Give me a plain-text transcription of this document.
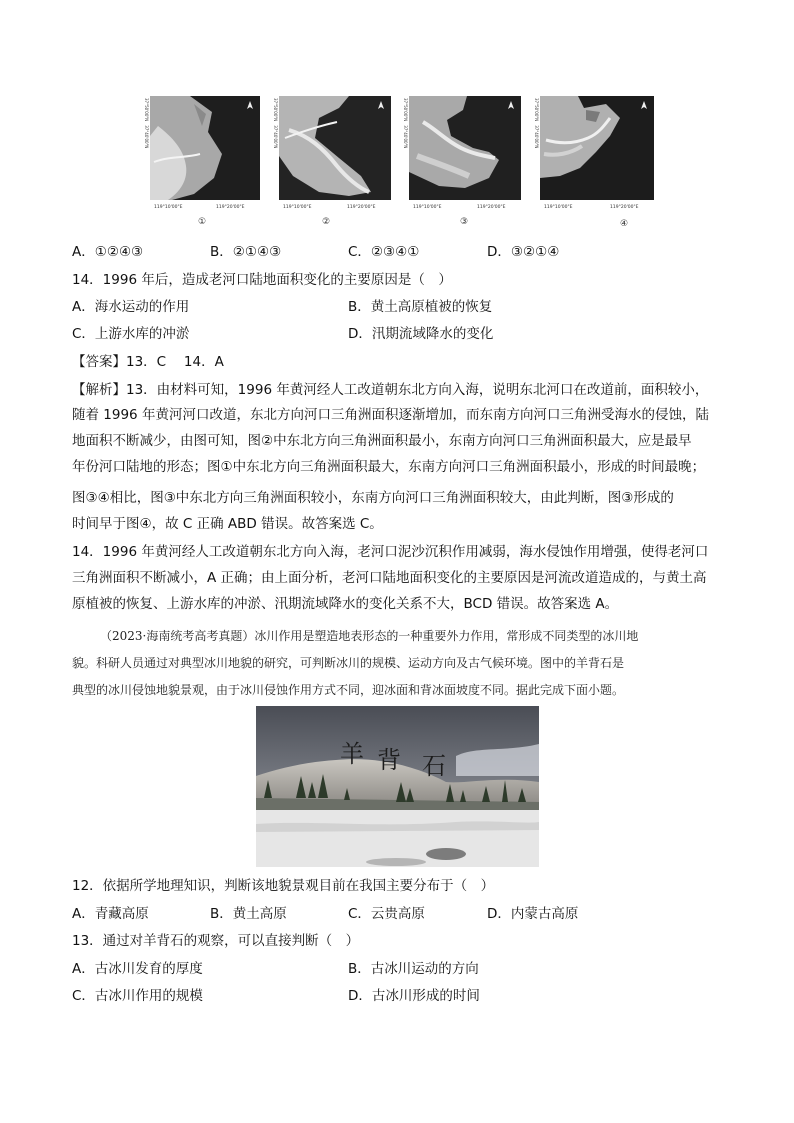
37°50'00"N　37°40'00"N
119°10'00"E	119°20'00"E
①
37°50'00"N　37°40'00"N
119°10'00"E	119°20'00"E
②
37°50'00"N　37°40'00"N
119°10'00"E	119°20'00"E
③
37°50'00"N　37°40'00"N
119°10'00"E	119°20'00"E
④
A．①②④③	B．②①④③	C．②③④①	D．③②①④
14．1996 年后，造成老河口陆地面积变化的主要原因是（　）
A．海水运动的作用	B．黄土高原植被的恢复
C．上游水库的冲淤	D．汛期流域降水的变化
【答案】13．C　 14．A
【解析】13．由材料可知，1996 年黄河经人工改道朝东北方向入海，说明东北河口在改道前，面积较小，
随着 1996 年黄河河口改道，东北方向河口三角洲面积逐渐增加，而东南方向河口三角洲受海水的侵蚀，陆
地面积不断减少，由图可知，图②中东北方向三角洲面积最小，东南方向河口三角洲面积最大，应是最早
年份河口陆地的形态；图①中东北方向三角洲面积最大，东南方向河口三角洲面积最小，形成的时间最晚；
图③④相比，图③中东北方向三角洲面积较小，东南方向河口三角洲面积较大，由此判断，图③形成的
时间早于图④，故 C 正确 ABD 错误。故答案选 C。
14．1996 年黄河经人工改道朝东北方向入海，老河口泥沙沉积作用减弱，海水侵蚀作用增强，使得老河口
三角洲面积不断减小，A 正确；由上面分析，老河口陆地面积变化的主要原因是河流改道造成的，与黄土高
原植被的恢复、上游水库的冲淤、汛期流域降水的变化关系不大，BCD 错误。故答案选 A。
（2023·海南统考高考真题）冰川作用是塑造地表形态的一种重要外力作用，常形成不同类型的冰川地
貌。科研人员通过对典型冰川地貌的研究，可判断冰川的规模、运动方向及古气候环境。图中的羊背石是
典型的冰川侵蚀地貌景观，由于冰川侵蚀作用方式不同，迎冰面和背冰面坡度不同。据此完成下面小题。
羊 背 石
12．依据所学地理知识，判断该地貌景观目前在我国主要分布于（　）
A．青藏高原	B．黄土高原	C．云贵高原	D．内蒙古高原
13．通过对羊背石的观察，可以直接判断（　）
A．古冰川发育的厚度	B．古冰川运动的方向
C．古冰川作用的规模	D．古冰川形成的时间
